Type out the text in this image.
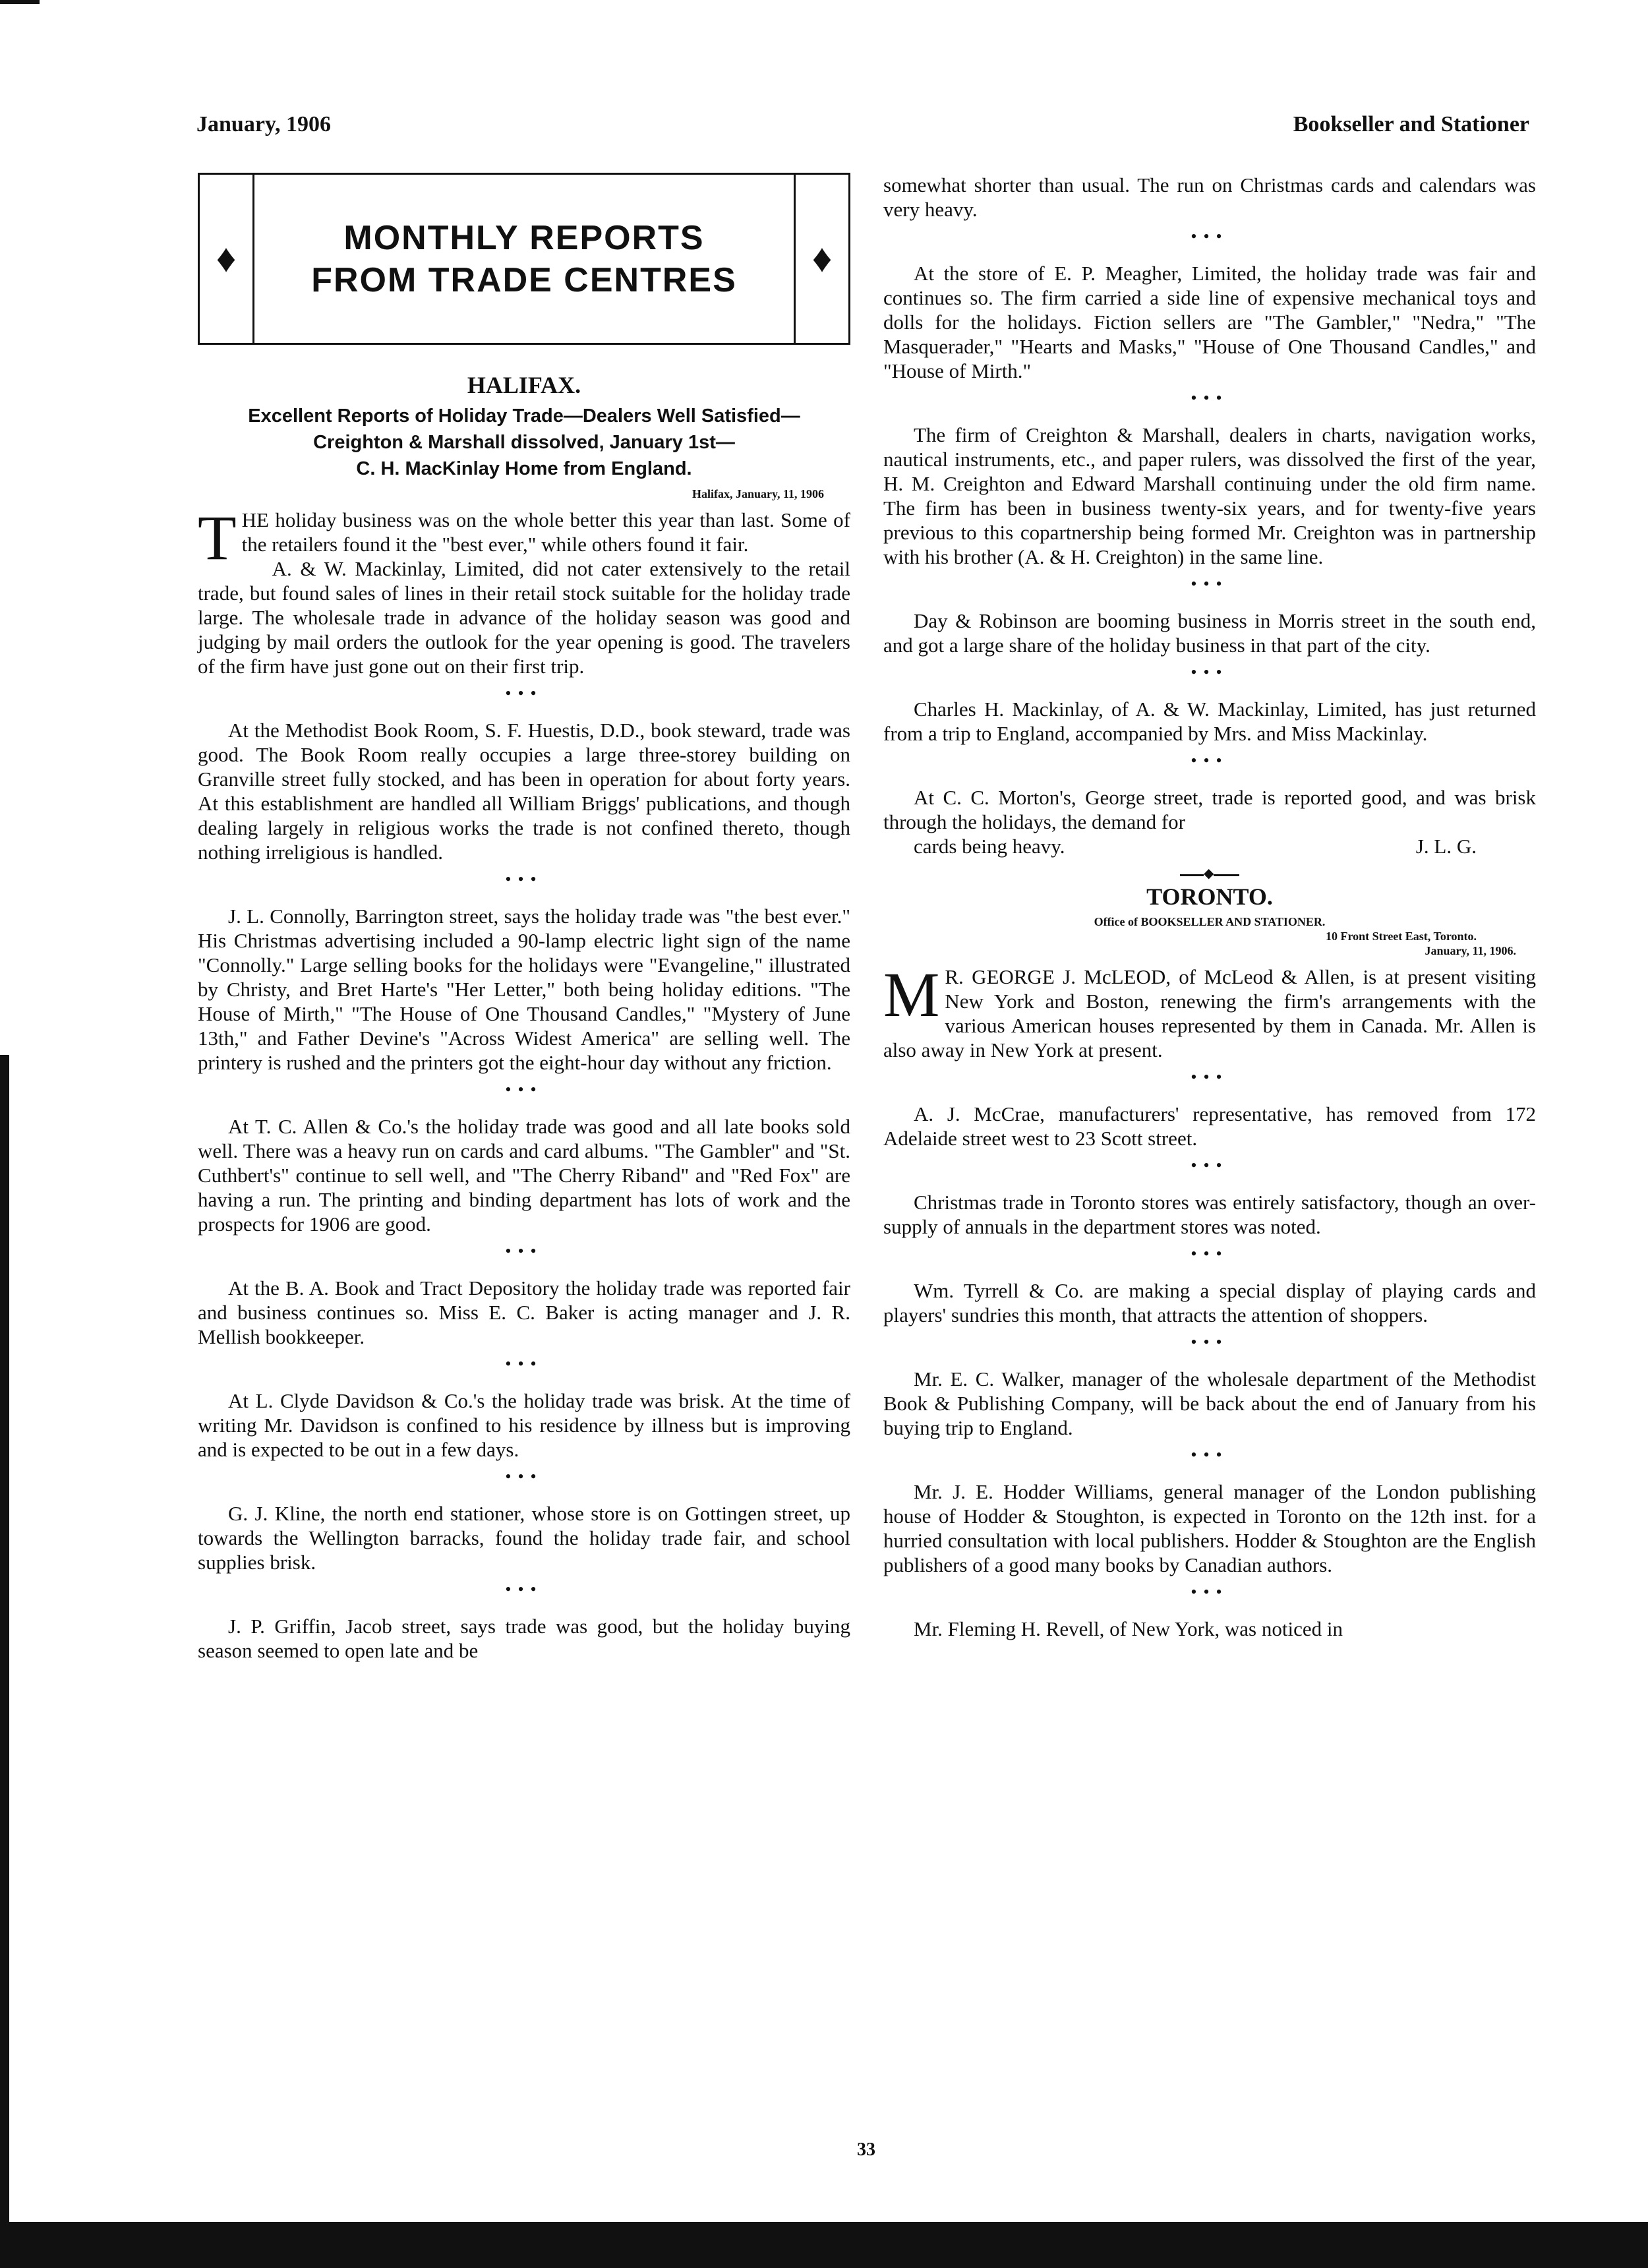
January, 1906	Bookseller and Stationer
♦	MONTHLY REPORTS
FROM TRADE CENTRES	♦
HALIFAX.
Excellent Reports of Holiday Trade—Dealers Well Satisfied—
Creighton & Marshall dissolved, January 1st—
C. H. MacKinlay Home from England.
Halifax, January, 11, 1906

THE holiday business was on the whole better this year than last. Some of the retailers found it the "best ever," while others found it fair.

A. & W. Mackinlay, Limited, did not cater extensively to the retail trade, but found sales of lines in their retail stock suitable for the holiday trade large. The wholesale trade in advance of the holiday season was good and judging by mail orders the outlook for the year opening is good. The travelers of the firm have just gone out on their first trip.

•••

At the Methodist Book Room, S. F. Huestis, D.D., book steward, trade was good. The Book Room really occupies a large three-storey building on Granville street fully stocked, and has been in operation for about forty years. At this establishment are handled all William Briggs' publications, and though dealing largely in religious works the trade is not confined thereto, though nothing irreligious is handled.

•••

J. L. Connolly, Barrington street, says the holiday trade was "the best ever." His Christmas advertising included a 90-lamp electric light sign of the name "Connolly." Large selling books for the holidays were "Evangeline," illustrated by Christy, and Bret Harte's "Her Letter," both being holiday editions. "The House of Mirth," "The House of One Thousand Candles," "Mystery of June 13th," and Father Devine's "Across Widest America" are selling well. The printery is rushed and the printers got the eight-hour day without any friction.

•••

At T. C. Allen & Co.'s the holiday trade was good and all late books sold well. There was a heavy run on cards and card albums. "The Gambler" and "St. Cuthbert's" continue to sell well, and "The Cherry Riband" and "Red Fox" are having a run. The printing and binding department has lots of work and the prospects for 1906 are good.

•••

At the B. A. Book and Tract Depository the holiday trade was reported fair and business continues so. Miss E. C. Baker is acting manager and J. R. Mellish bookkeeper.

•••

At L. Clyde Davidson & Co.'s the holiday trade was brisk. At the time of writing Mr. Davidson is confined to his residence by illness but is improving and is expected to be out in a few days.

•••

G. J. Kline, the north end stationer, whose store is on Gottingen street, up towards the Wellington barracks, found the holiday trade fair, and school supplies brisk.

•••

J. P. Griffin, Jacob street, says trade was good, but the holiday buying season seemed to open late and be

somewhat shorter than usual. The run on Christmas cards and calendars was very heavy.

•••

At the store of E. P. Meagher, Limited, the holiday trade was fair and continues so. The firm carried a side line of expensive mechanical toys and dolls for the holidays. Fiction sellers are "The Gambler," "Nedra," "The Masquerader," "Hearts and Masks," "House of One Thousand Candles," and "House of Mirth."

•••

The firm of Creighton & Marshall, dealers in charts, navigation works, nautical instruments, etc., and paper rulers, was dissolved the first of the year, H. M. Creighton and Edward Marshall continuing under the old firm name. The firm has been in business twenty-six years, and for twenty-five years previous to this copartnership being formed Mr. Creighton was in partnership with his brother (A. & H. Creighton) in the same line.

•••

Day & Robinson are booming business in Morris street in the south end, and got a large share of the holiday business in that part of the city.

•••

Charles H. Mackinlay, of A. & W. Mackinlay, Limited, has just returned from a trip to England, accompanied by Mrs. and Miss Mackinlay.

•••

At C. C. Morton's, George street, trade is reported good, and was brisk through the holidays, the demand for

cards being heavy.	J. L. G.
◆
TORONTO.
Office of BOOKSELLER AND STATIONER.
10 Front Street East, Toronto.
January, 11, 1906.

M R. GEORGE J. McLEOD, of McLeod & Allen, is at present visiting New York and Boston, renewing the firm's arrangements with the various American houses represented by them in Canada. Mr. Allen is also away in New York at present.

•••

A. J. McCrae, manufacturers' representative, has removed from 172 Adelaide street west to 23 Scott street.

•••

Christmas trade in Toronto stores was entirely satisfactory, though an over-supply of annuals in the department stores was noted.

•••

Wm. Tyrrell & Co. are making a special display of playing cards and players' sundries this month, that attracts the attention of shoppers.

•••

Mr. E. C. Walker, manager of the wholesale department of the Methodist Book & Publishing Company, will be back about the end of January from his buying trip to England.

•••

Mr. J. E. Hodder Williams, general manager of the London publishing house of Hodder & Stoughton, is expected in Toronto on the 12th inst. for a hurried consultation with local publishers. Hodder & Stoughton are the English publishers of a good many books by Canadian authors.

•••

Mr. Fleming H. Revell, of New York, was noticed in

33
